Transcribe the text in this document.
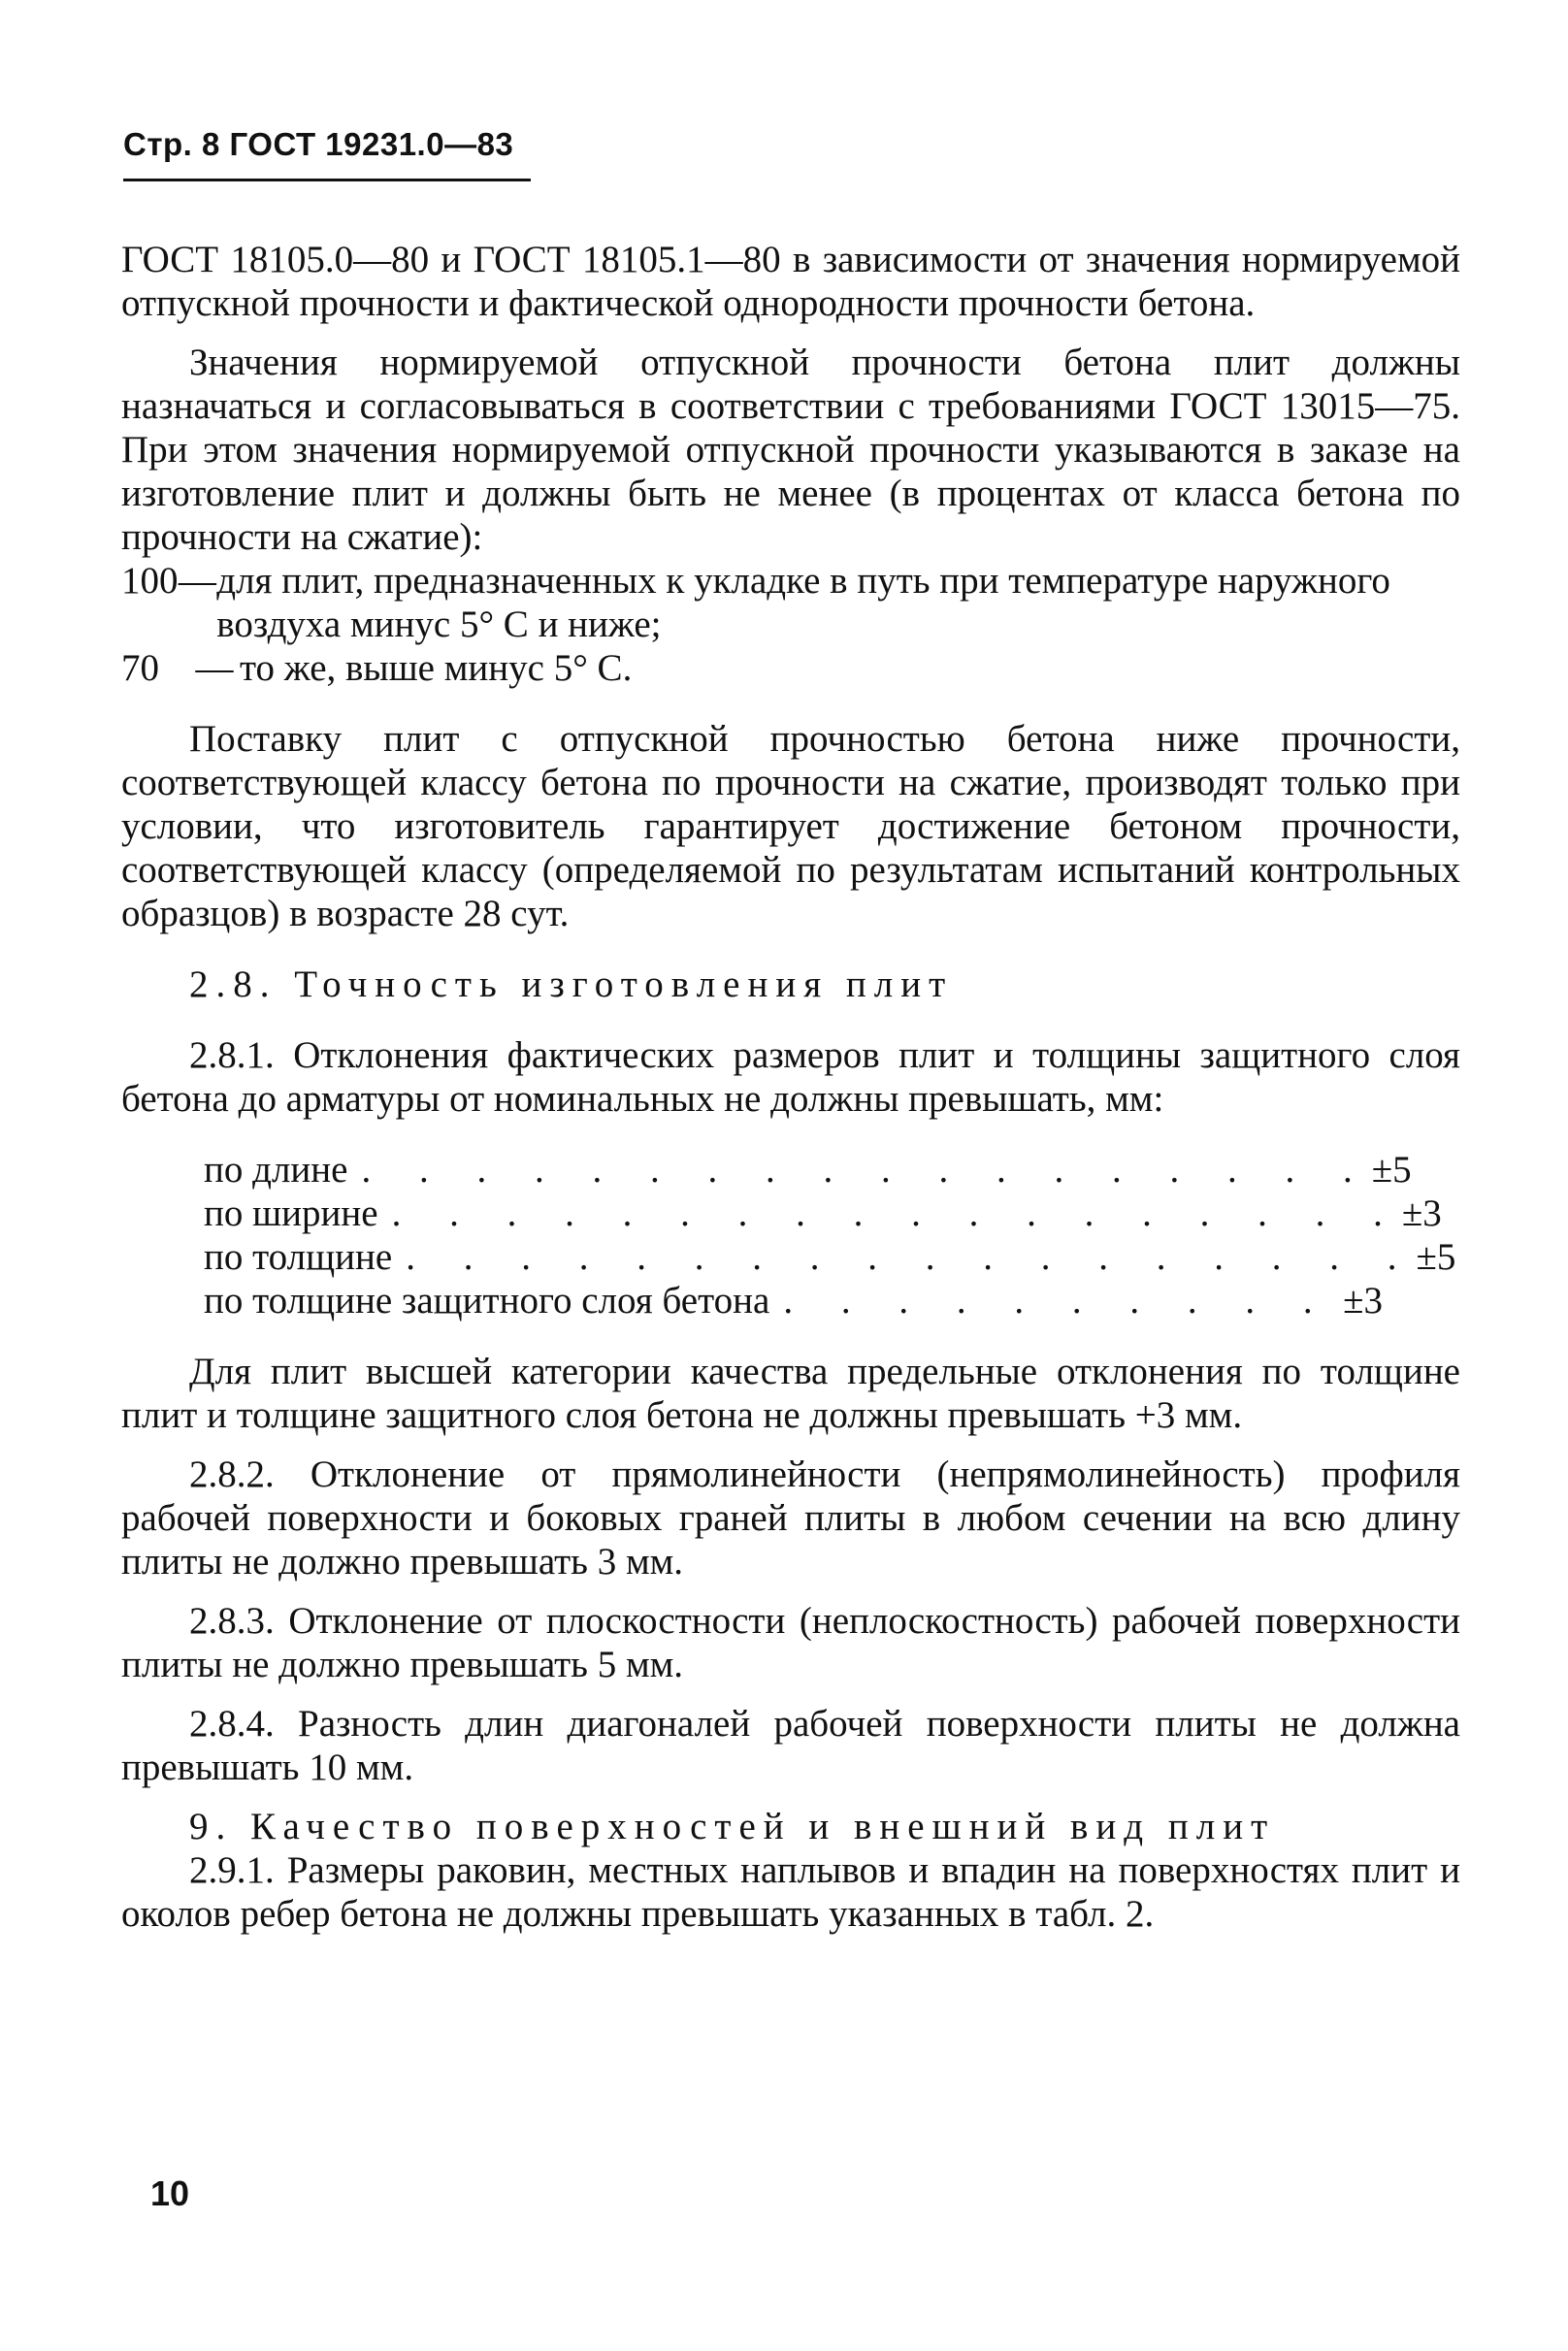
Стр. 8 ГОСТ 19231.0—83

ГОСТ 18105.0—80 и ГОСТ 18105.1—80 в зависимости от значения нормируемой отпускной прочности и фактической однородности прочности бетона.

Значения нормируемой отпускной прочности бетона плит должны назначаться и согласовываться в соответствии с требованиями ГОСТ 13015—75. При этом значения нормируемой отпускной прочности указываются в заказе на изготовление плит и должны быть не менее (в процентах от класса бетона по прочности на сжатие):

100 — для плит, предназначенных к укладке в путь при температуре наружного воздуха минус 5° С и ниже;
70 — то же, выше минус 5° С.

Поставку плит с отпускной прочностью бетона ниже прочности, соответствующей классу бетона по прочности на сжатие, производят только при условии, что изготовитель гарантирует достижение бетоном прочности, соответствующей классу (определяемой по результатам испытаний контрольных образцов) в возрасте 28 сут.

2.8. Точность изготовления плит

2.8.1. Отклонения фактических размеров плит и толщины защитного слоя бетона до арматуры от номинальных не должны превышать, мм:

по длине . . . . . . . . . . . . . . . . . . ±5
по ширине . . . . . . . . . . . . . . . . . . ±3
по толщине . . . . . . . . . . . . . . . . . . ±5
по толщине защитного слоя бетона . . . . . . . . . . ±3

Для плит высшей категории качества предельные отклонения по толщине плит и толщине защитного слоя бетона не должны превышать +3 мм.

2.8.2. Отклонение от прямолинейности (непрямолинейность) профиля рабочей поверхности и боковых граней плиты в любом сечении на всю длину плиты не должно превышать 3 мм.

2.8.3. Отклонение от плоскостности (неплоскостность) рабочей поверхности плиты не должно превышать 5 мм.

2.8.4. Разность длин диагоналей рабочей поверхности плиты не должна превышать 10 мм.

9. Качество поверхностей и внешний вид плит

2.9.1. Размеры раковин, местных наплывов и впадин на поверхностях плит и околов ребер бетона не должны превышать указанных в табл. 2.

10
